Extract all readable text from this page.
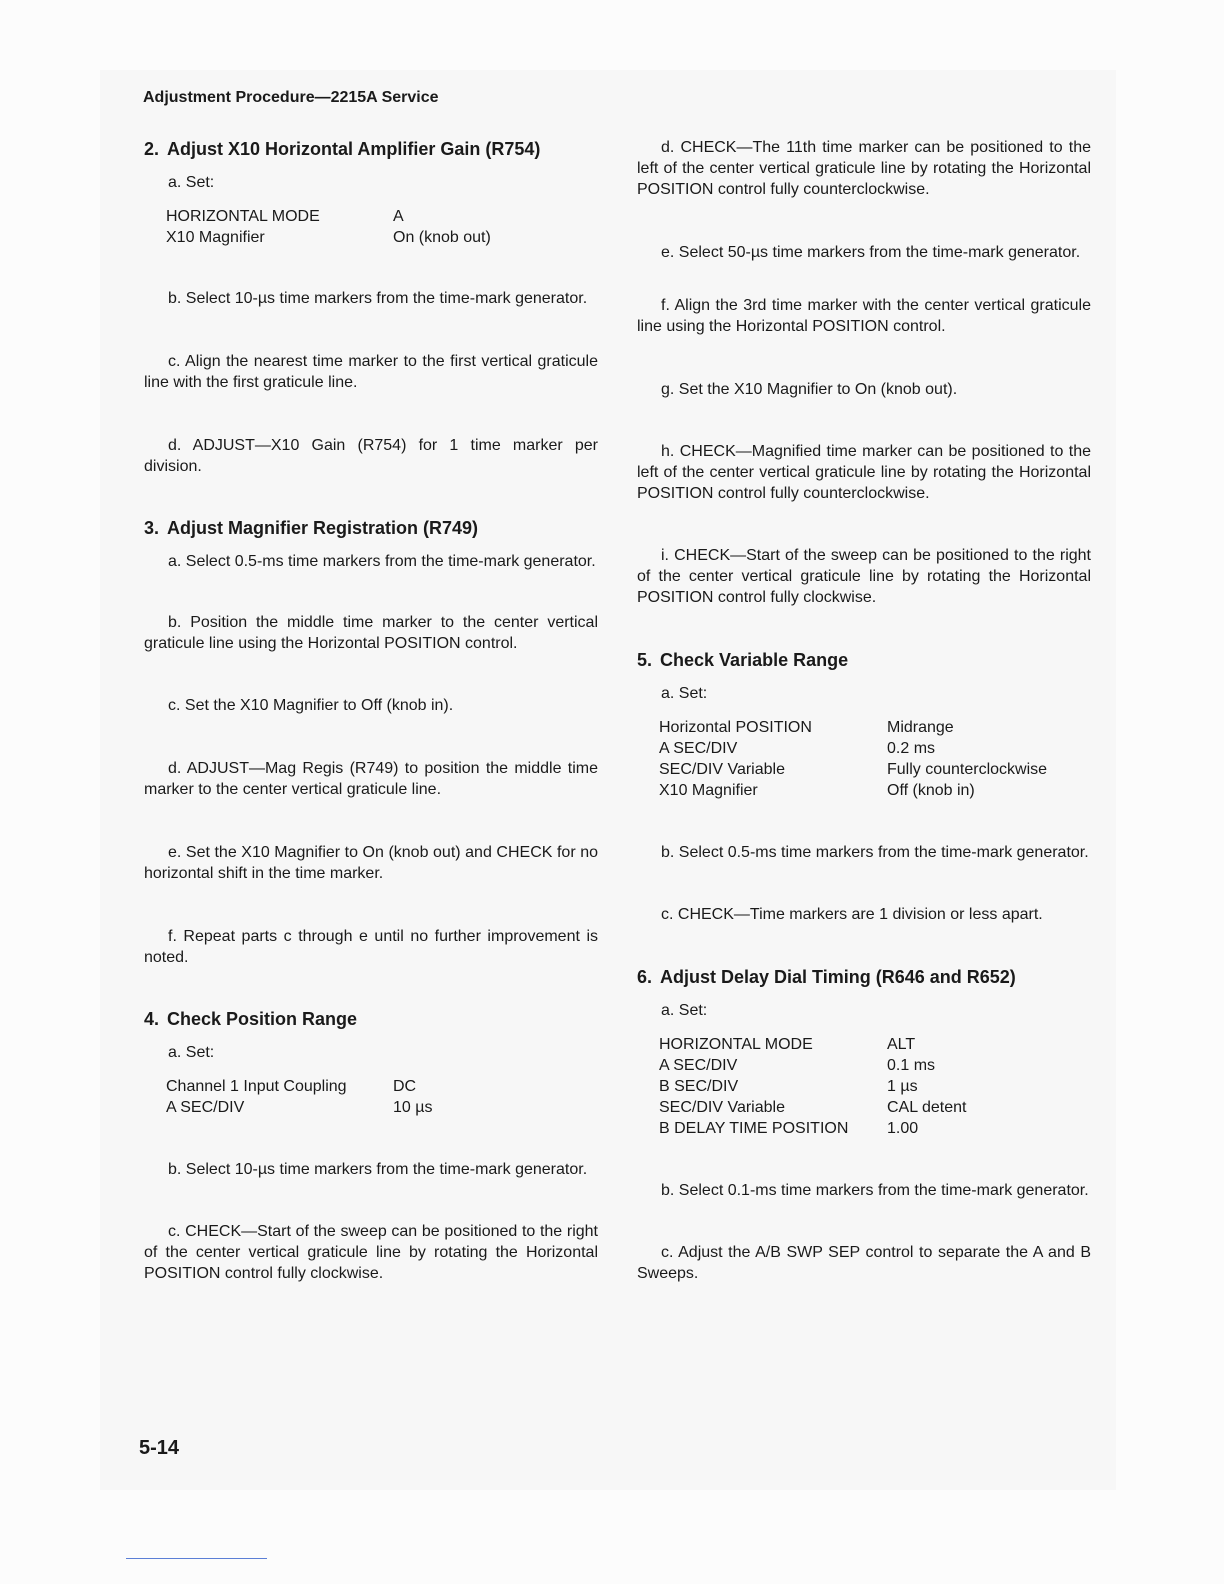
Adjustment Procedure—2215A Service
2. Adjust X10 Horizontal Amplifier Gain (R754)

a. Set:

HORIZONTAL MODE	A
X10 Magnifier	On (knob out)

b. Select 10-µs time markers from the time-mark generator.

c. Align the nearest time marker to the first vertical graticule line with the first graticule line.

d. ADJUST—X10 Gain (R754) for 1 time marker per division.

3. Adjust Magnifier Registration (R749)

a. Select 0.5-ms time markers from the time-mark generator.

b. Position the middle time marker to the center vertical graticule line using the Horizontal POSITION control.

c. Set the X10 Magnifier to Off (knob in).

d. ADJUST—Mag Regis (R749) to position the middle time marker to the center vertical graticule line.

e. Set the X10 Magnifier to On (knob out) and CHECK for no horizontal shift in the time marker.

f. Repeat parts c through e until no further improvement is noted.

4. Check Position Range

a. Set:

Channel 1 Input Coupling	DC
A SEC/DIV	10 µs

b. Select 10-µs time markers from the time-mark generator.

c. CHECK—Start of the sweep can be positioned to the right of the center vertical graticule line by rotating the Horizontal POSITION control fully clockwise.

d. CHECK—The 11th time marker can be positioned to the left of the center vertical graticule line by rotating the Horizontal POSITION control fully counterclockwise.

e. Select 50-µs time markers from the time-mark generator.

f. Align the 3rd time marker with the center vertical graticule line using the Horizontal POSITION control.

g. Set the X10 Magnifier to On (knob out).

h. CHECK—Magnified time marker can be positioned to the left of the center vertical graticule line by rotating the Horizontal POSITION control fully counterclockwise.

i. CHECK—Start of the sweep can be positioned to the right of the center vertical graticule line by rotating the Horizontal POSITION control fully clockwise.

5. Check Variable Range

a. Set:

Horizontal POSITION	Midrange
A SEC/DIV	0.2 ms
SEC/DIV Variable	Fully counterclockwise
X10 Magnifier	Off (knob in)

b. Select 0.5-ms time markers from the time-mark generator.

c. CHECK—Time markers are 1 division or less apart.

6. Adjust Delay Dial Timing (R646 and R652)

a. Set:

HORIZONTAL MODE	ALT
A SEC/DIV	0.1 ms
B SEC/DIV	1 µs
SEC/DIV Variable	CAL detent
B DELAY TIME POSITION	1.00

b. Select 0.1-ms time markers from the time-mark generator.

c. Adjust the A/B SWP SEP control to separate the A and B Sweeps.

5-14
